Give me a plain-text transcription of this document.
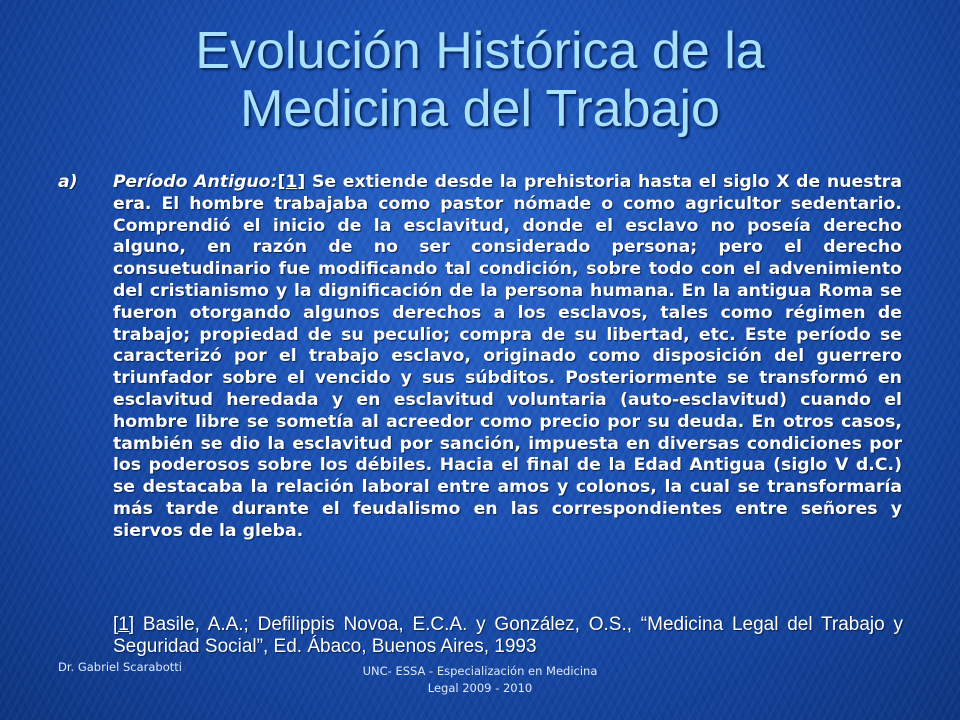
Evolución Histórica de la
Medicina del Trabajo
a)	Período Antiguo:[1] Se extiende desde la prehistoria hasta el siglo X de nuestra era. El hombre trabajaba como pastor nómade o como agricultor sedentario. Comprendió el inicio de la esclavitud, donde el esclavo no poseía derecho alguno, en razón de no ser considerado persona; pero el derecho consuetudinario fue modificando tal condición, sobre todo con el advenimiento del cristianismo y la dignificación de la persona humana. En la antigua Roma se fueron otorgando algunos derechos a los esclavos, tales como régimen de trabajo; propiedad de su peculio; compra de su libertad, etc. Este período se caracterizó por el trabajo esclavo, originado como disposición del guerrero triunfador sobre el vencido y sus súbditos. Posteriormente se transformó en esclavitud heredada y en esclavitud voluntaria (auto-esclavitud) cuando el hombre libre se sometía al acreedor como precio por su deuda. En otros casos, también se dio la esclavitud por sanción, impuesta en diversas condiciones por los poderosos sobre los débiles. Hacia el final de la Edad Antigua (siglo V d.C.) se destacaba la relación laboral entre amos y colonos, la cual se transformaría más tarde durante el feudalismo en las correspondientes entre señores y siervos de la gleba.
[1] Basile, A.A.; Defilippis Novoa, E.C.A. y González, O.S., “Medicina Legal del Trabajo y Seguridad Social”, Ed. Ábaco, Buenos Aires, 1993
Dr. Gabriel Scarabotti	UNC- ESSA - Especialización en Medicina
Legal 2009 - 2010
